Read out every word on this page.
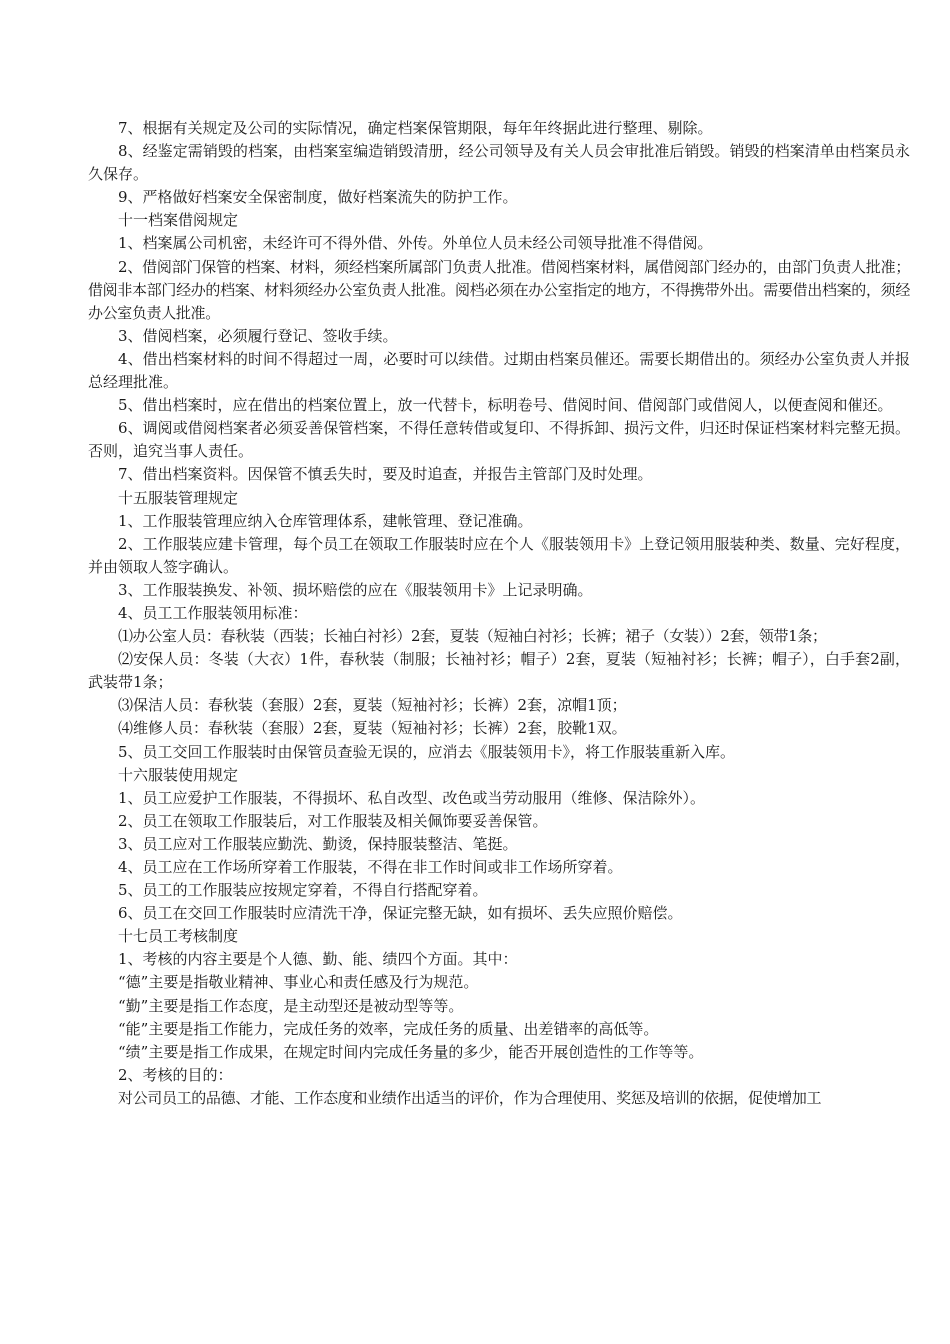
7、根据有关规定及公司的实际情况，确定档案保管期限，每年年终据此进行整理、剔除。

8、经鉴定需销毁的档案，由档案室编造销毁清册，经公司领导及有关人员会审批准后销毁。销毁的档案清单由档案员永久保存。

9、严格做好档案安全保密制度，做好档案流失的防护工作。

十一档案借阅规定

1、档案属公司机密，未经许可不得外借、外传。外单位人员未经公司领导批准不得借阅。

2、借阅部门保管的档案、材料，须经档案所属部门负责人批准。借阅档案材料，属借阅部门经办的，由部门负责人批准；借阅非本部门经办的档案、材料须经办公室负责人批准。阅档必须在办公室指定的地方，不得携带外出。需要借出档案的，须经办公室负责人批准。

3、借阅档案，必须履行登记、签收手续。

4、借出档案材料的时间不得超过一周，必要时可以续借。过期由档案员催还。需要长期借出的。须经办公室负责人并报总经理批准。

5、借出档案时，应在借出的档案位置上，放一代替卡，标明卷号、借阅时间、借阅部门或借阅人，以便查阅和催还。

6、调阅或借阅档案者必须妥善保管档案，不得任意转借或复印、不得拆卸、损污文件，归还时保证档案材料完整无损。否则，追究当事人责任。

7、借出档案资料。因保管不慎丢失时，要及时追查，并报告主管部门及时处理。

十五服装管理规定

1、工作服装管理应纳入仓库管理体系，建帐管理、登记准确。

2、工作服装应建卡管理，每个员工在领取工作服装时应在个人《服装领用卡》上登记领用服装种类、数量、完好程度，并由领取人签字确认。

3、工作服装换发、补领、损坏赔偿的应在《服装领用卡》上记录明确。

4、员工工作服装领用标准：

⑴办公室人员：春秋装（西装；长袖白衬衫）2套，夏装（短袖白衬衫；长裤；裙子（女装））2套，领带1条；

⑵安保人员：冬装（大衣）1件，春秋装（制服；长袖衬衫；帽子）2套，夏装（短袖衬衫；长裤；帽子），白手套2副，武装带1条；

⑶保洁人员：春秋装（套服）2套，夏装（短袖衬衫；长裤）2套，凉帽1顶；

⑷维修人员：春秋装（套服）2套，夏装（短袖衬衫；长裤）2套，胶靴1双。

5、员工交回工作服装时由保管员查验无误的，应消去《服装领用卡》，将工作服装重新入库。

十六服装使用规定

1、员工应爱护工作服装，不得损坏、私自改型、改色或当劳动服用（维修、保洁除外）。

2、员工在领取工作服装后，对工作服装及相关佩饰要妥善保管。

3、员工应对工作服装应勤洗、勤烫，保持服装整洁、笔挺。

4、员工应在工作场所穿着工作服装，不得在非工作时间或非工作场所穿着。

5、员工的工作服装应按规定穿着，不得自行搭配穿着。

6、员工在交回工作服装时应清洗干净，保证完整无缺，如有损坏、丢失应照价赔偿。

十七员工考核制度

1、考核的内容主要是个人德、勤、能、绩四个方面。其中：

“德”主要是指敬业精神、事业心和责任感及行为规范。

“勤”主要是指工作态度，是主动型还是被动型等等。

“能”主要是指工作能力，完成任务的效率，完成任务的质量、出差错率的高低等。

“绩”主要是指工作成果，在规定时间内完成任务量的多少，能否开展创造性的工作等等。

2、考核的目的：

对公司员工的品德、才能、工作态度和业绩作出适当的评价，作为合理使用、奖惩及培训的依据，促使增加工
